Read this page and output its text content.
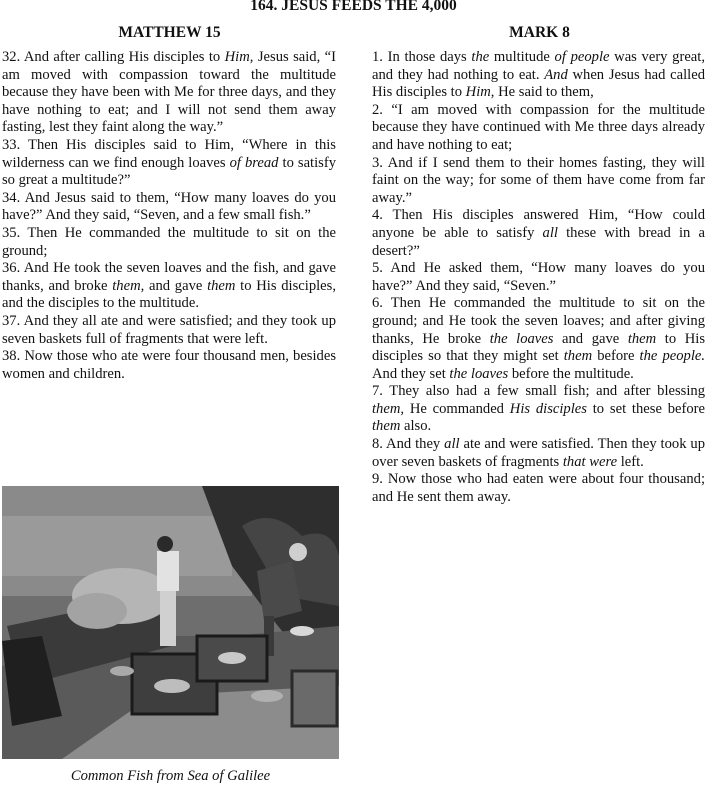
164. JESUS FEEDS THE 4,000
MATTHEW 15	MARK 8

32. And after calling His disciples to Him, Jesus said, “I am moved with compassion toward the multitude because they have been with Me for three days, and they have nothing to eat; and I will not send them away fasting, lest they faint along the way.”

33. Then His disciples said to Him, “Where in this wilderness can we find enough loaves of bread to satisfy so great a multitude?”

34. And Jesus said to them, “How many loaves do you have?” And they said, “Seven, and a few small fish.”

35. Then He commanded the multitude to sit on the ground;

36. And He took the seven loaves and the fish, and gave thanks, and broke them, and gave them to His disciples, and the disciples to the multitude.

37. And they all ate and were satisfied; and they took up seven baskets full of fragments that were left.

38. Now those who ate were four thousand men, besides women and children.

1. In those days the multitude of people was very great, and they had nothing to eat. And when Jesus had called His disciples to Him, He said to them,

2. “I am moved with compassion for the multitude because they have continued with Me three days already and have nothing to eat;

3. And if I send them to their homes fasting, they will faint on the way; for some of them have come from far away.”

4. Then His disciples answered Him, “How could anyone be able to satisfy all these with bread in a desert?”

5. And He asked them, “How many loaves do you have?” And they said, “Seven.”

6. Then He commanded the multitude to sit on the ground; and He took the seven loaves; and after giving thanks, He broke the loaves and gave them to His disciples so that they might set them before the people. And they set the loaves before the multitude.

7. They also had a few small fish; and after blessing them, He commanded His disciples to set these before them also.

8. And they all ate and were satisfied. Then they took up over seven baskets of fragments that were left.

9. Now those who had eaten were about four thousand; and He sent them away.

Common Fish from Sea of Galilee
